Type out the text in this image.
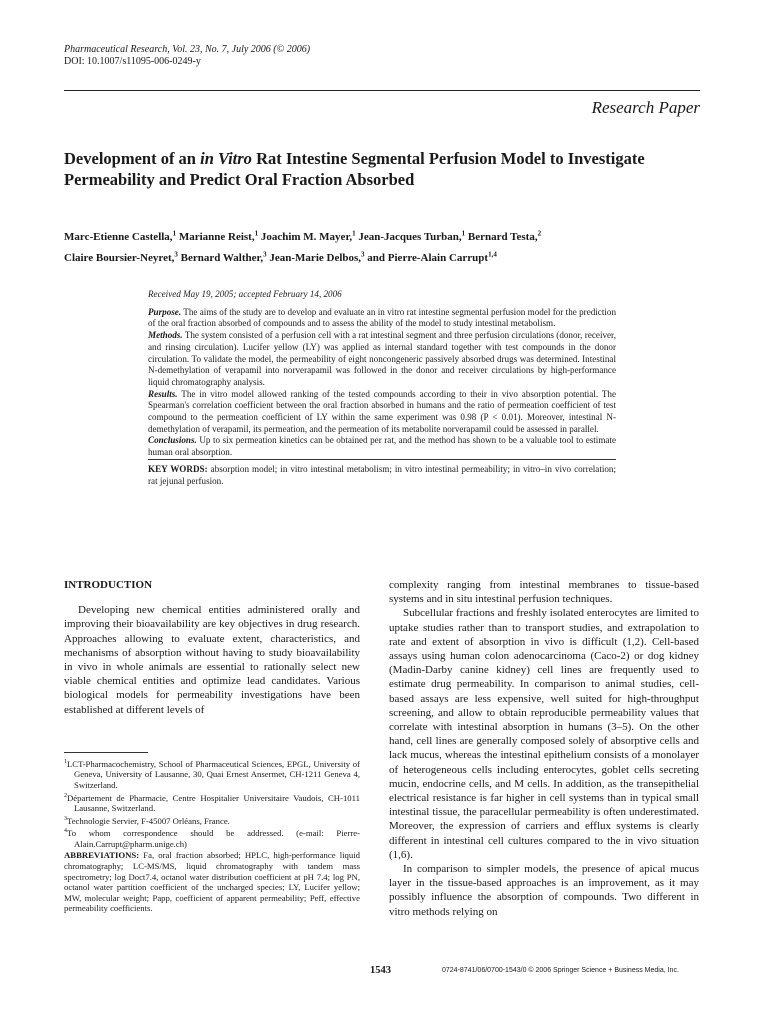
Pharmaceutical Research, Vol. 23, No. 7, July 2006 (© 2006)
DOI: 10.1007/s11095-006-0249-y
Research Paper
Development of an in Vitro Rat Intestine Segmental Perfusion Model to Investigate Permeability and Predict Oral Fraction Absorbed
Marc-Etienne Castella,$^1$ Marianne Reist,$^1$ Joachim M. Mayer,$^1$ Jean-Jacques Turban,$^1$ Bernard Testa,$^2$
Claire Boursier-Neyret,$^3$ Bernard Walther,$^3$ Jean-Marie Delbos,$^3$ and Pierre-Alain Carrupt$^{1,4}$

Received May 19, 2005; accepted February 14, 2006

Purpose. The aims of the study are to develop and evaluate an in vitro rat intestine segmental perfusion model for the prediction of the oral fraction absorbed of compounds and to assess the ability of the model to study intestinal metabolism.

Methods. The system consisted of a perfusion cell with a rat intestinal segment and three perfusion circulations (donor, receiver, and rinsing circulation). Lucifer yellow (LY) was applied as internal standard together with test compounds in the donor circulation. To validate the model, the permeability of eight noncongeneric passively absorbed drugs was determined. Intestinal N-demethylation of verapamil into norverapamil was followed in the donor and receiver circulations by high-performance liquid chromatography analysis.

Results. The in vitro model allowed ranking of the tested compounds according to their in vivo absorption potential. The Spearman's correlation coefficient between the oral fraction absorbed in humans and the ratio of permeation coefficient of test compound to the permeation coefficient of LY within the same experiment was 0.98 (P < 0.01). Moreover, intestinal N-demethylation of verapamil, its permeation, and the permeation of its metabolite norverapamil could be assessed in parallel.

Conclusions. Up to six permeation kinetics can be obtained per rat, and the method has shown to be a valuable tool to estimate human oral absorption.

KEY WORDS: absorption model; in vitro intestinal metabolism; in vitro intestinal permeability; in vitro–in vivo correlation; rat jejunal perfusion.

INTRODUCTION

Developing new chemical entities administered orally and improving their bioavailability are key objectives in drug research. Approaches allowing to evaluate extent, characteristics, and mechanisms of absorption without having to study bioavailability in vivo in whole animals are essential to rationally select new viable chemical entities and optimize lead candidates. Various biological models for permeability investigations have been established at different levels of

complexity ranging from intestinal membranes to tissue-based systems and in situ intestinal perfusion techniques.

Subcellular fractions and freshly isolated enterocytes are limited to uptake studies rather than to transport studies, and extrapolation to rate and extent of absorption in vivo is difficult (1,2). Cell-based assays using human colon adenocarcinoma (Caco-2) or dog kidney (Madin-Darby canine kidney) cell lines are frequently used to estimate drug permeability. In comparison to animal studies, cell-based assays are less expensive, well suited for high-throughput screening, and allow to obtain reproducible permeability values that correlate with intestinal absorption in humans (3–5). On the other hand, cell lines are generally composed solely of absorptive cells and lack mucus, whereas the intestinal epithelium consists of a monolayer of heterogeneous cells including enterocytes, goblet cells secreting mucin, endocrine cells, and M cells. In addition, as the transepithelial electrical resistance is far higher in cell systems than in typical small intestinal tissue, the paracellular permeability is often underestimated. Moreover, the expression of carriers and efflux systems is clearly different in intestinal cell cultures compared to the in vivo situation (1,6).

In comparison to simpler models, the presence of apical mucus layer in the tissue-based approaches is an improvement, as it may possibly influence the absorption of compounds. Two different in vitro methods relying on

$^1$LCT-Pharmacochemistry, School of Pharmaceutical Sciences, EPGL, University of Geneva, University of Lausanne, 30, Quai Ernest Ansermet, CH-1211 Geneva 4, Switzerland.

$^2$Département de Pharmacie, Centre Hospitalier Universitaire Vaudois, CH-1011 Lausanne, Switzerland.

$^3$Technologie Servier, F-45007 Orléans, France.

$^4$To whom correspondence should be addressed. (e-mail: Pierre-Alain.Carrupt@pharm.unige.ch)

ABBREVIATIONS: Fa, oral fraction absorbed; HPLC, high-performance liquid chromatography; LC-MS/MS, liquid chromatography with tandem mass spectrometry; log Doct7.4, octanol water distribution coefficient at pH 7.4; log PN, octanol water partition coefficient of the uncharged species; LY, Lucifer yellow; MW, molecular weight; Papp, coefficient of apparent permeability; Peff, effective permeability coefficients.

1543	0724-8741/06/0700-1543/0 © 2006 Springer Science + Business Media, Inc.
